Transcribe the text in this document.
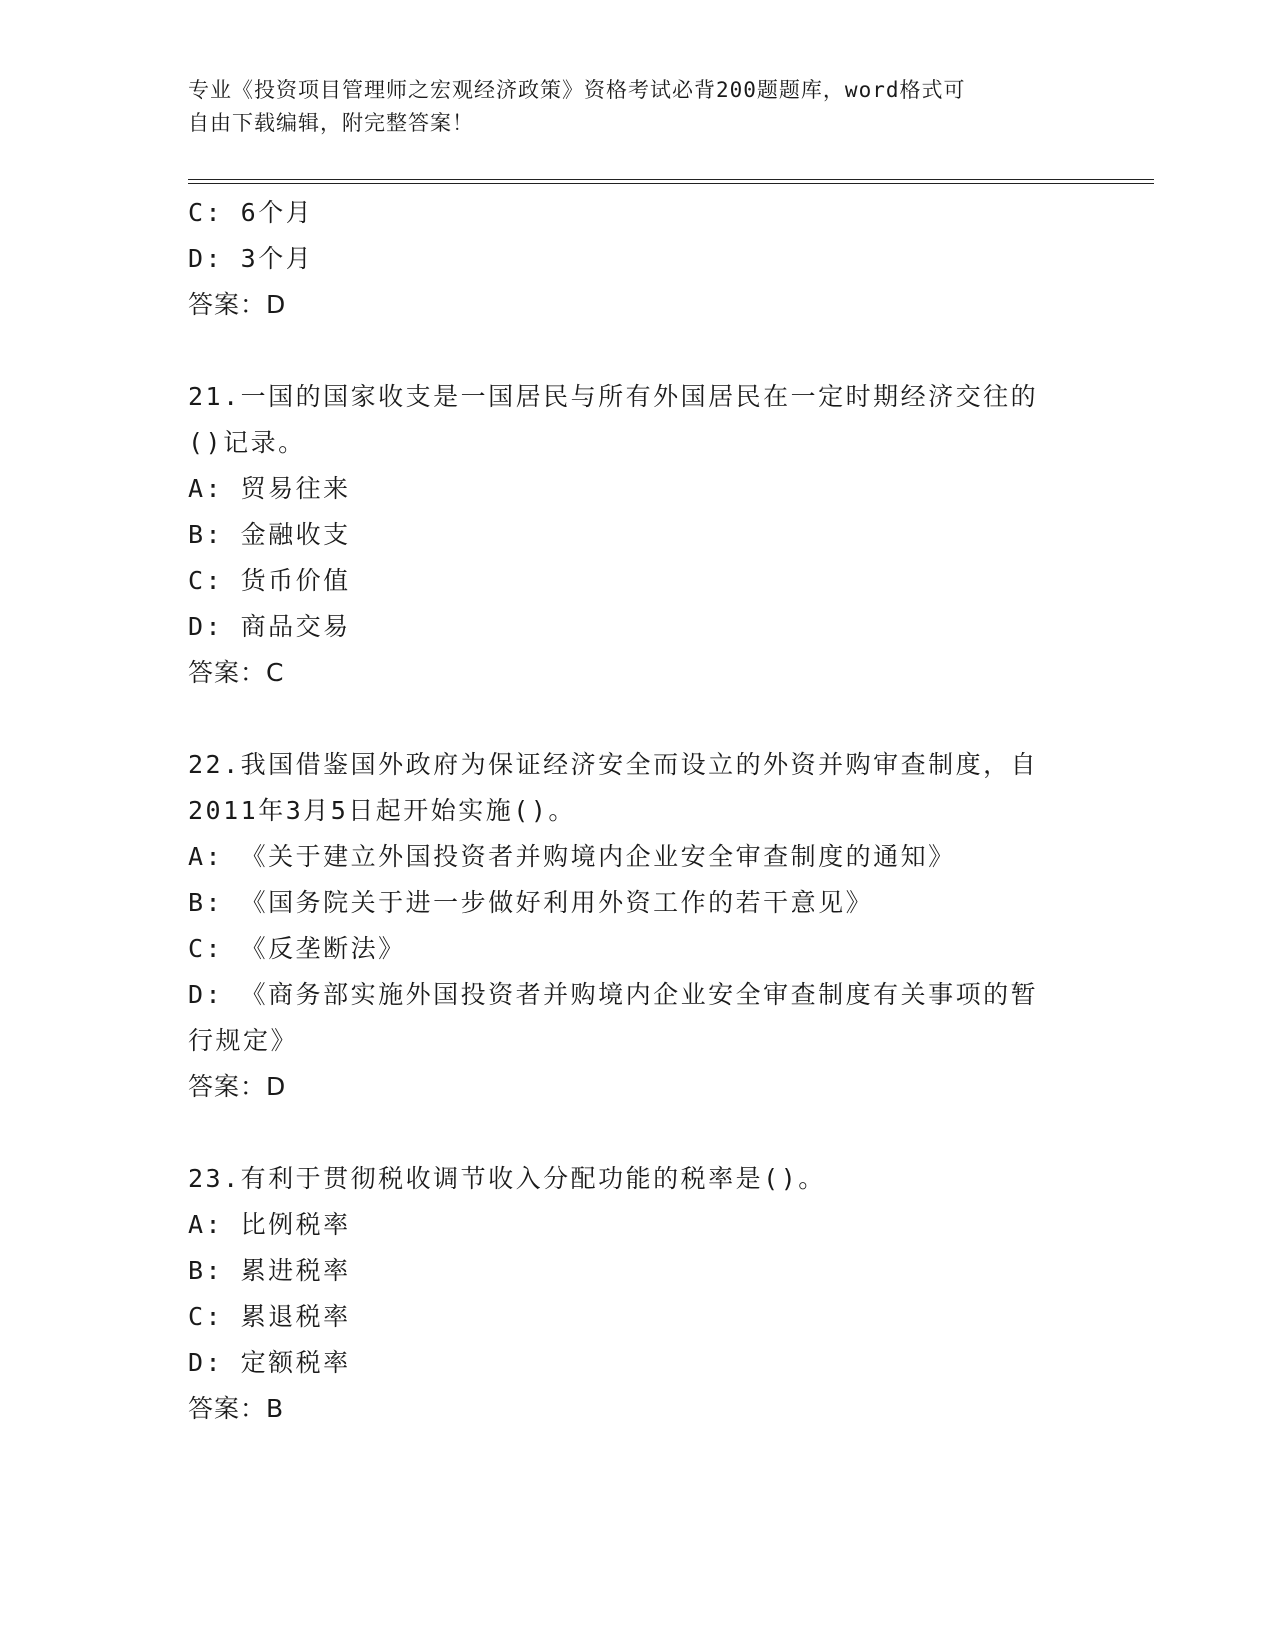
专业《投资项目管理师之宏观经济政策》资格考试必背200题题库，word格式可
自由下载编辑，附完整答案！

C: 6个月

D: 3个月

答案：D

21.一国的国家收支是一国居民与所有外国居民在一定时期经济交往的

()记录。

A: 贸易往来

B: 金融收支

C: 货币价值

D: 商品交易

答案：C

22.我国借鉴国外政府为保证经济安全而设立的外资并购审查制度，自

2011年3月5日起开始实施()。

A: 《关于建立外国投资者并购境内企业安全审查制度的通知》

B: 《国务院关于进一步做好利用外资工作的若干意见》

C: 《反垄断法》

D: 《商务部实施外国投资者并购境内企业安全审查制度有关事项的暂

行规定》

答案：D

23.有利于贯彻税收调节收入分配功能的税率是()。

A: 比例税率

B: 累进税率

C: 累退税率

D: 定额税率

答案：B
